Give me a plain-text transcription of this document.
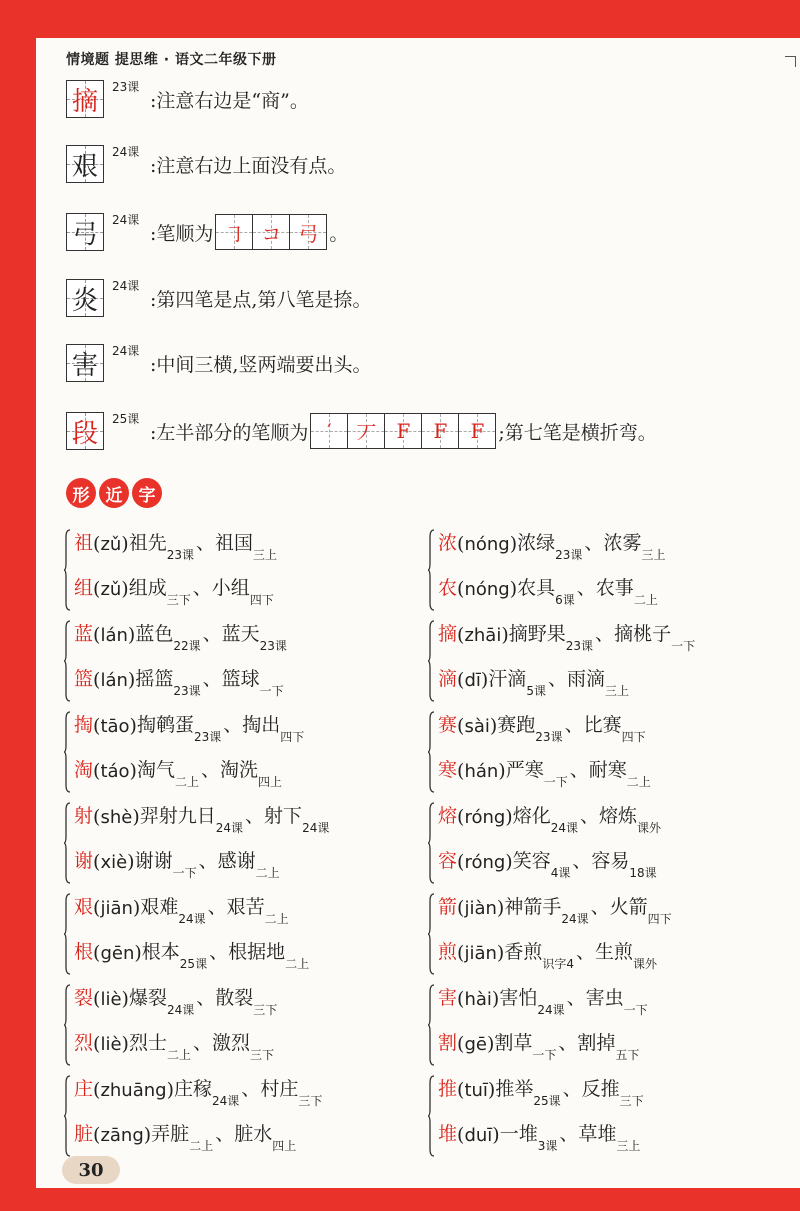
情境题 提思维 · 语文二年级下册
摘 23课
:注意右边是“商”。
艰 24课
:注意右边上面没有点。
弓 24课
:笔顺为 ㇆ コ 弓 。
炎 24课
:第四笔是点,第八笔是捺。
害 24课
:中间三横,竖两端要出头。
段 25课
:左半部分的笔顺为 ′ 丆 F F F ;第七笔是横折弯。
形 近 字
祖 ( zǔ ) 祖先
23课
、 祖国
三上
组 ( zǔ ) 组成
三下
、 小组
四下
蓝 ( lán ) 蓝色
22课
、 蓝天
23课
篮 ( lán ) 摇篮
23课
、 篮球
一下
掏 ( tāo ) 掏鹌蛋
23课
、 掏出
四下
淘 ( táo ) 淘气
二上
、 淘洗
四上
射 ( shè ) 羿射九日
24课
、 射下
24课
谢 ( xiè ) 谢谢
一下
、 感谢
二上
艰 ( jiān ) 艰难
24课
、 艰苦
二上
根 ( gēn ) 根本
25课
、 根据地
二上
裂 ( liè ) 爆裂
24课
、 散裂
三下
烈 ( liè ) 烈士
二上
、 激烈
三下
庄 ( zhuāng ) 庄稼
24课
、 村庄
三下
脏 ( zāng ) 弄脏
二上
、 脏水
四上
浓 ( nóng ) 浓绿
23课
、 浓雾
三上
农 ( nóng ) 农具
6课
、 农事
二上
摘 ( zhāi ) 摘野果
23课
、 摘桃子
一下
滴 ( dī ) 汗滴
5课
、 雨滴
三上
赛 ( sài ) 赛跑
23课
、 比赛
四下
寒 ( hán ) 严寒
一下
、 耐寒
二上
熔 ( róng ) 熔化
24课
、 熔炼
课外
容 ( róng ) 笑容
4课
、 容易
18课
箭 ( jiàn ) 神箭手
24课
、 火箭
四下
煎 ( jiān ) 香煎
识字4
、 生煎
课外
害 ( hài ) 害怕
24课
、 害虫
一下
割 ( gē ) 割草
一下
、 割掉
五下
推 ( tuī ) 推举
25课
、 反推
三下
堆 ( duī ) 一堆
3课
、 草堆
三上
30
